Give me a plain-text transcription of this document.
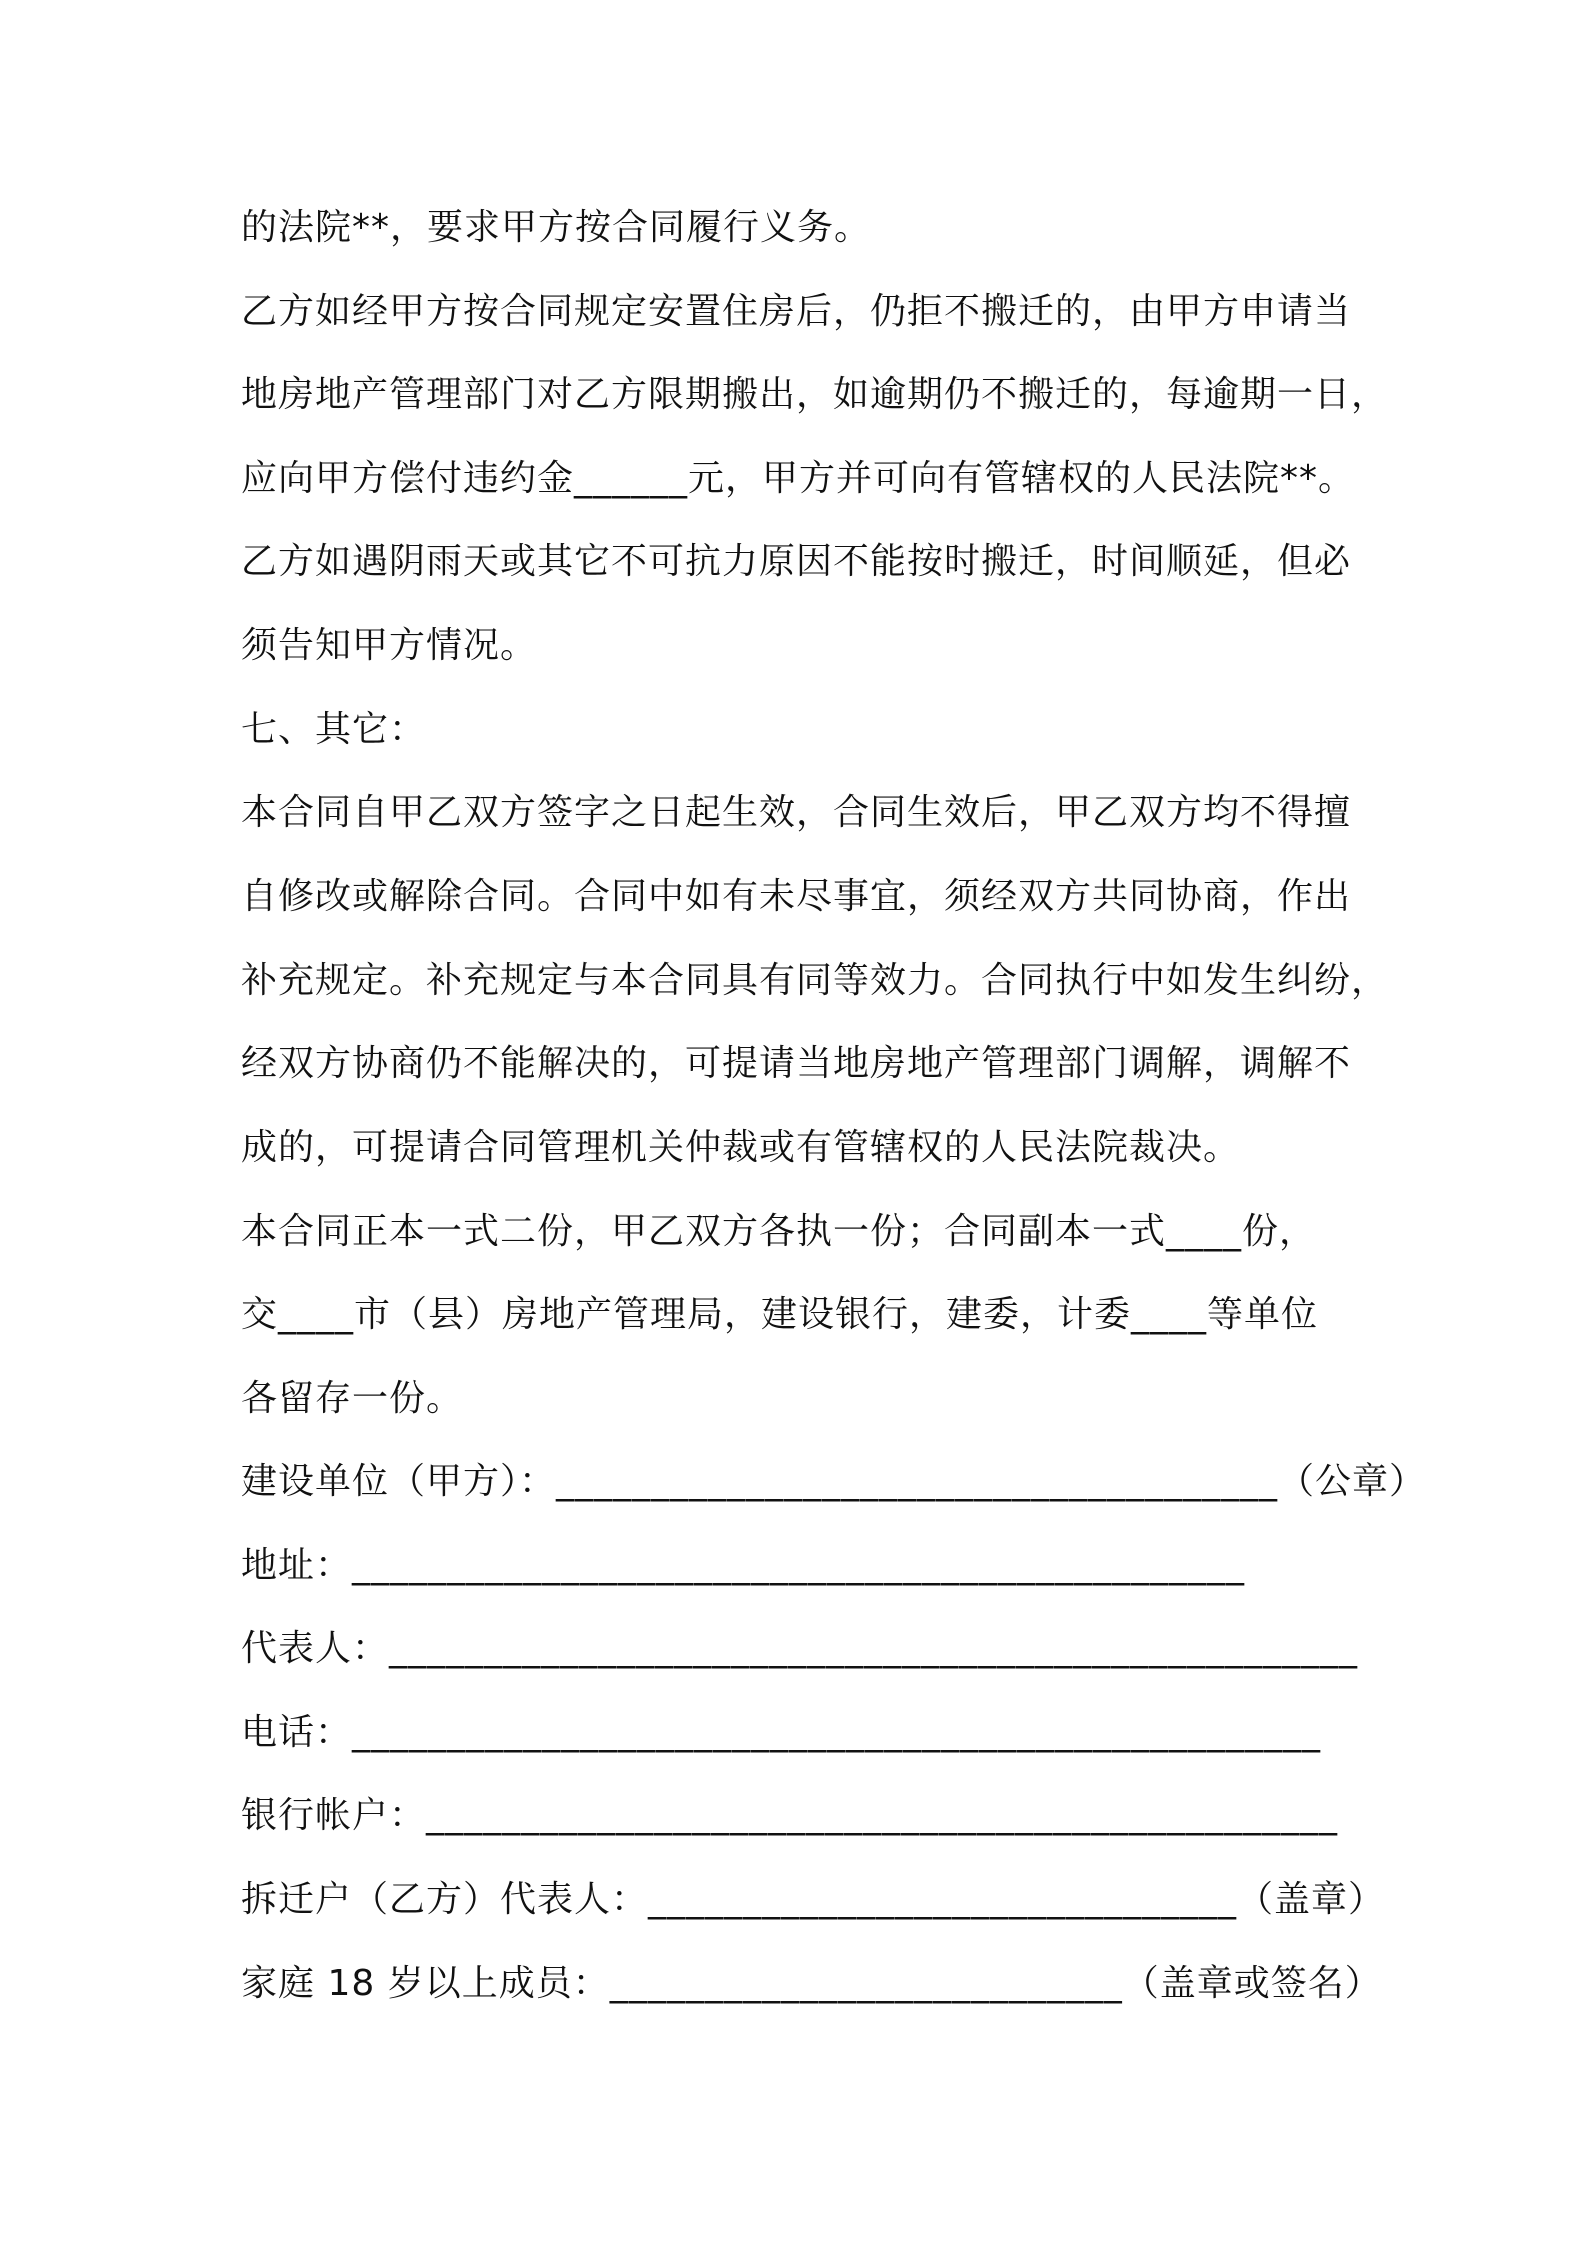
的法院**，要求甲方按合同履行义务。
乙方如经甲方按合同规定安置住房后，仍拒不搬迁的，由甲方申请当
地房地产管理部门对乙方限期搬出，如逾期仍不搬迁的，每逾期一日，
应向甲方偿付违约金______元，甲方并可向有管辖权的人民法院**。
乙方如遇阴雨天或其它不可抗力原因不能按时搬迁，时间顺延，但必
须告知甲方情况。
七、其它：
本合同自甲乙双方签字之日起生效，合同生效后，甲乙双方均不得擅
自修改或解除合同。合同中如有未尽事宜，须经双方共同协商，作出
补充规定。补充规定与本合同具有同等效力。合同执行中如发生纠纷，
经双方协商仍不能解决的，可提请当地房地产管理部门调解，调解不
成的，可提请合同管理机关仲裁或有管辖权的人民法院裁决。
本合同正本一式二份，甲乙双方各执一份；合同副本一式____份，
交____市（县）房地产管理局，建设银行，建委，计委____等单位
各留存一份。
建设单位（甲方）：______________________________________（公章）
地址：_______________________________________________
代表人：___________________________________________________
电话：___________________________________________________
银行帐户：________________________________________________
拆迁户（乙方）代表人：_______________________________（盖章）
家庭 18 岁以上成员：___________________________（盖章或签名）
